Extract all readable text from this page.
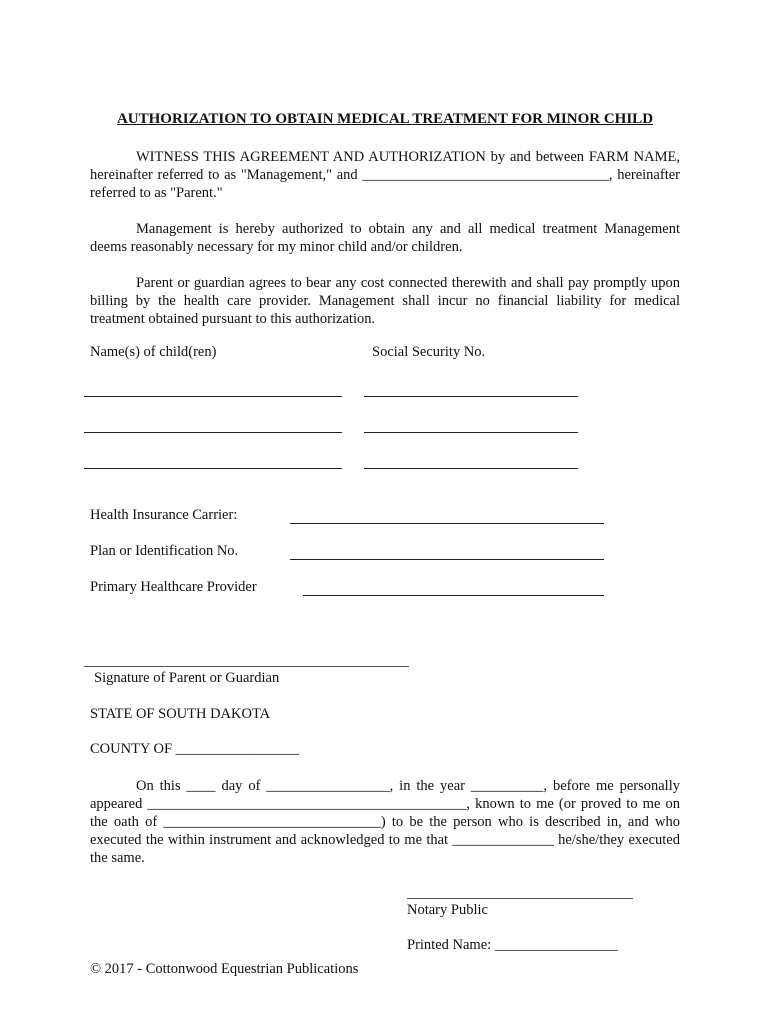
AUTHORIZATION TO OBTAIN MEDICAL TREATMENT FOR MINOR CHILD
WITNESS THIS AGREEMENT AND AUTHORIZATION by and between FARM NAME, hereinafter referred to as "Management," and __________________________________, hereinafter referred to as "Parent."
Management is hereby authorized to obtain any and all medical treatment Management deems reasonably necessary for my minor child and/or children.
Parent or guardian agrees to bear any cost connected therewith and shall pay promptly upon billing by the health care provider. Management shall incur no financial liability for medical treatment obtained pursuant to this authorization.
Name(s) of child(ren)	Social Security No.
Health Insurance Carrier:
Plan or Identification No.
Primary Healthcare Provider
Signature of Parent or Guardian
STATE OF SOUTH DAKOTA
COUNTY OF _________________
On this ____ day of _________________, in the year __________, before me personally appeared ____________________________________________, known to me (or proved to me on the oath of ______________________________) to be the person who is described in, and who executed the within instrument and acknowledged to me that ______________ he/she/they executed the same.
Notary Public
Printed Name: _________________
© 2017 - Cottonwood Equestrian Publications
